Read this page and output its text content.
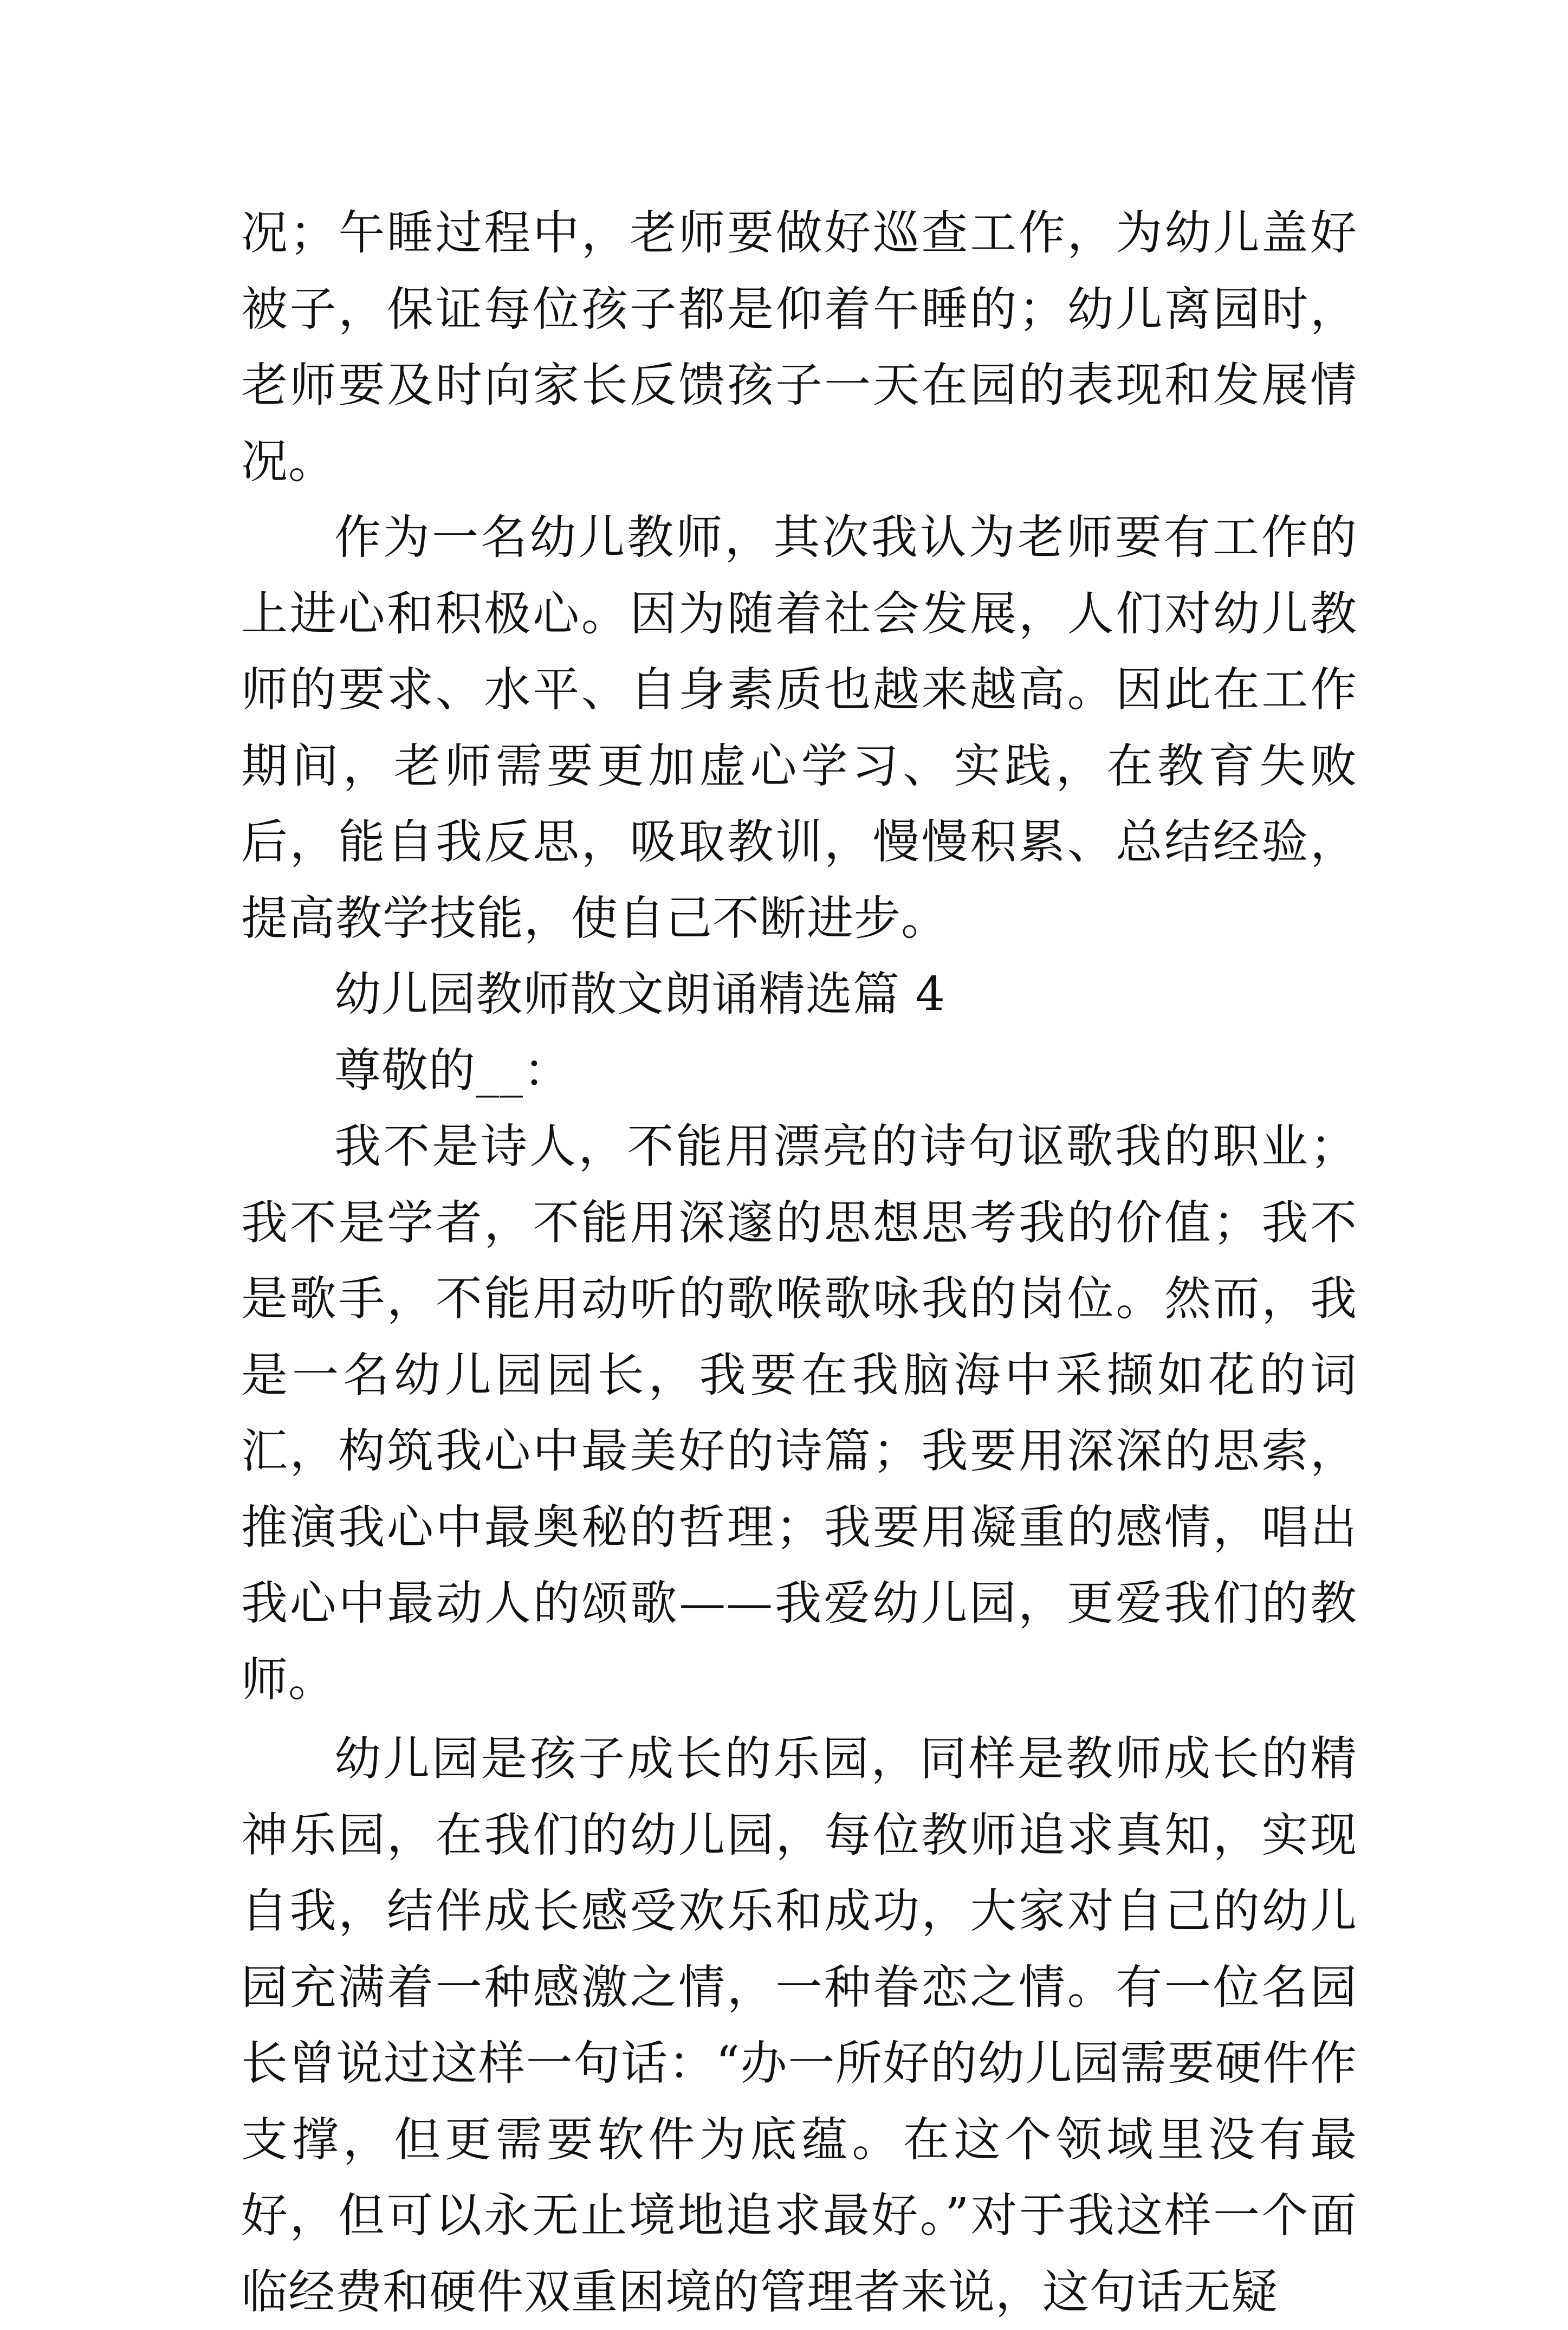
况；午睡过程中，老师要做好巡查工作，为幼儿盖好被子，保证每位孩子都是仰着午睡的；幼儿离园时，老师要及时向家长反馈孩子一天在园的表现和发展情况。

作为一名幼儿教师，其次我认为老师要有工作的上进心和积极心。因为随着社会发展，人们对幼儿教师的要求、水平、自身素质也越来越高。因此在工作期间，老师需要更加虚心学习、实践，在教育失败后，能自我反思，吸取教训，慢慢积累、总结经验，提高教学技能，使自己不断进步。

幼儿园教师散文朗诵精选篇 4

尊敬的__：

我不是诗人，不能用漂亮的诗句讴歌我的职业；我不是学者，不能用深邃的思想思考我的价值；我不是歌手，不能用动听的歌喉歌咏我的岗位。然而，我是一名幼儿园园长，我要在我脑海中采撷如花的词汇，构筑我心中最美好的诗篇；我要用深深的思索，推演我心中最奥秘的哲理；我要用凝重的感情，唱出我心中最动人的颂歌——我爱幼儿园，更爱我们的教师。

幼儿园是孩子成长的乐园，同样是教师成长的精神乐园，在我们的幼儿园，每位教师追求真知，实现自我，结伴成长感受欢乐和成功，大家对自己的幼儿园充满着一种感激之情，一种眷恋之情。有一位名园长曾说过这样一句话：“办一所好的幼儿园需要硬件作支撑，但更需要软件为底蕴。在这个领域里没有最好，但可以永无止境地追求最好。”对于我这样一个面临经费和硬件双重困境的管理者来说，这句话无疑
